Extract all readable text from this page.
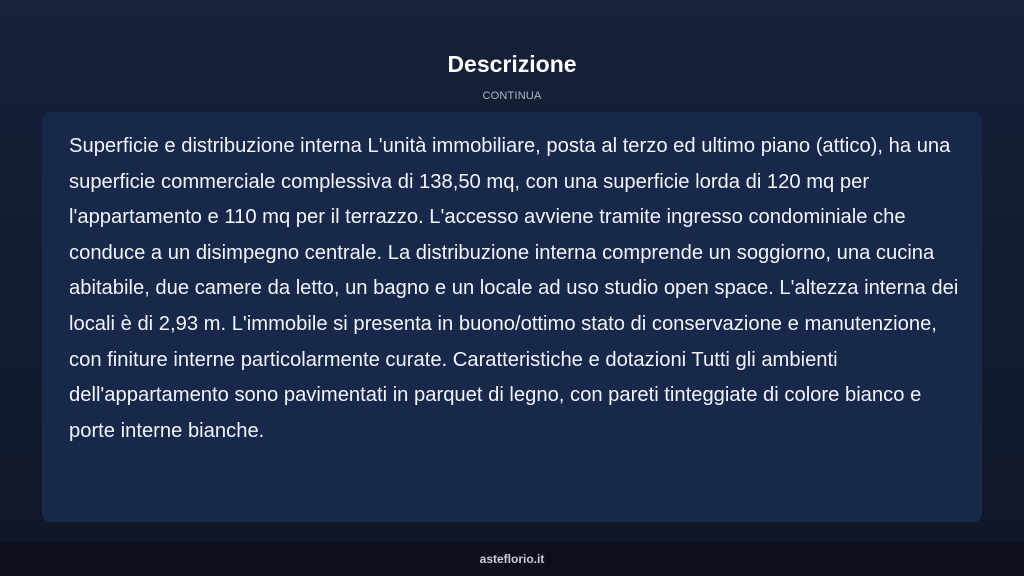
Descrizione
CONTINUA

Superficie e distribuzione interna L'unità immobiliare, posta al terzo ed ultimo piano (attico), ha una superficie commerciale complessiva di 138,50 mq, con una superficie lorda di 120 mq per l'appartamento e 110 mq per il terrazzo. L'accesso avviene tramite ingresso condominiale che conduce a un disimpegno centrale. La distribuzione interna comprende un soggiorno, una cucina abitabile, due camere da letto, un bagno e un locale ad uso studio open space. L'altezza interna dei locali è di 2,93 m. L'immobile si presenta in buono/ottimo stato di conservazione e manutenzione, con finiture interne particolarmente curate. Caratteristiche e dotazioni Tutti gli ambienti dell'appartamento sono pavimentati in parquet di legno, con pareti tinteggiate di colore bianco e porte interne bianche.

asteflorio.it
